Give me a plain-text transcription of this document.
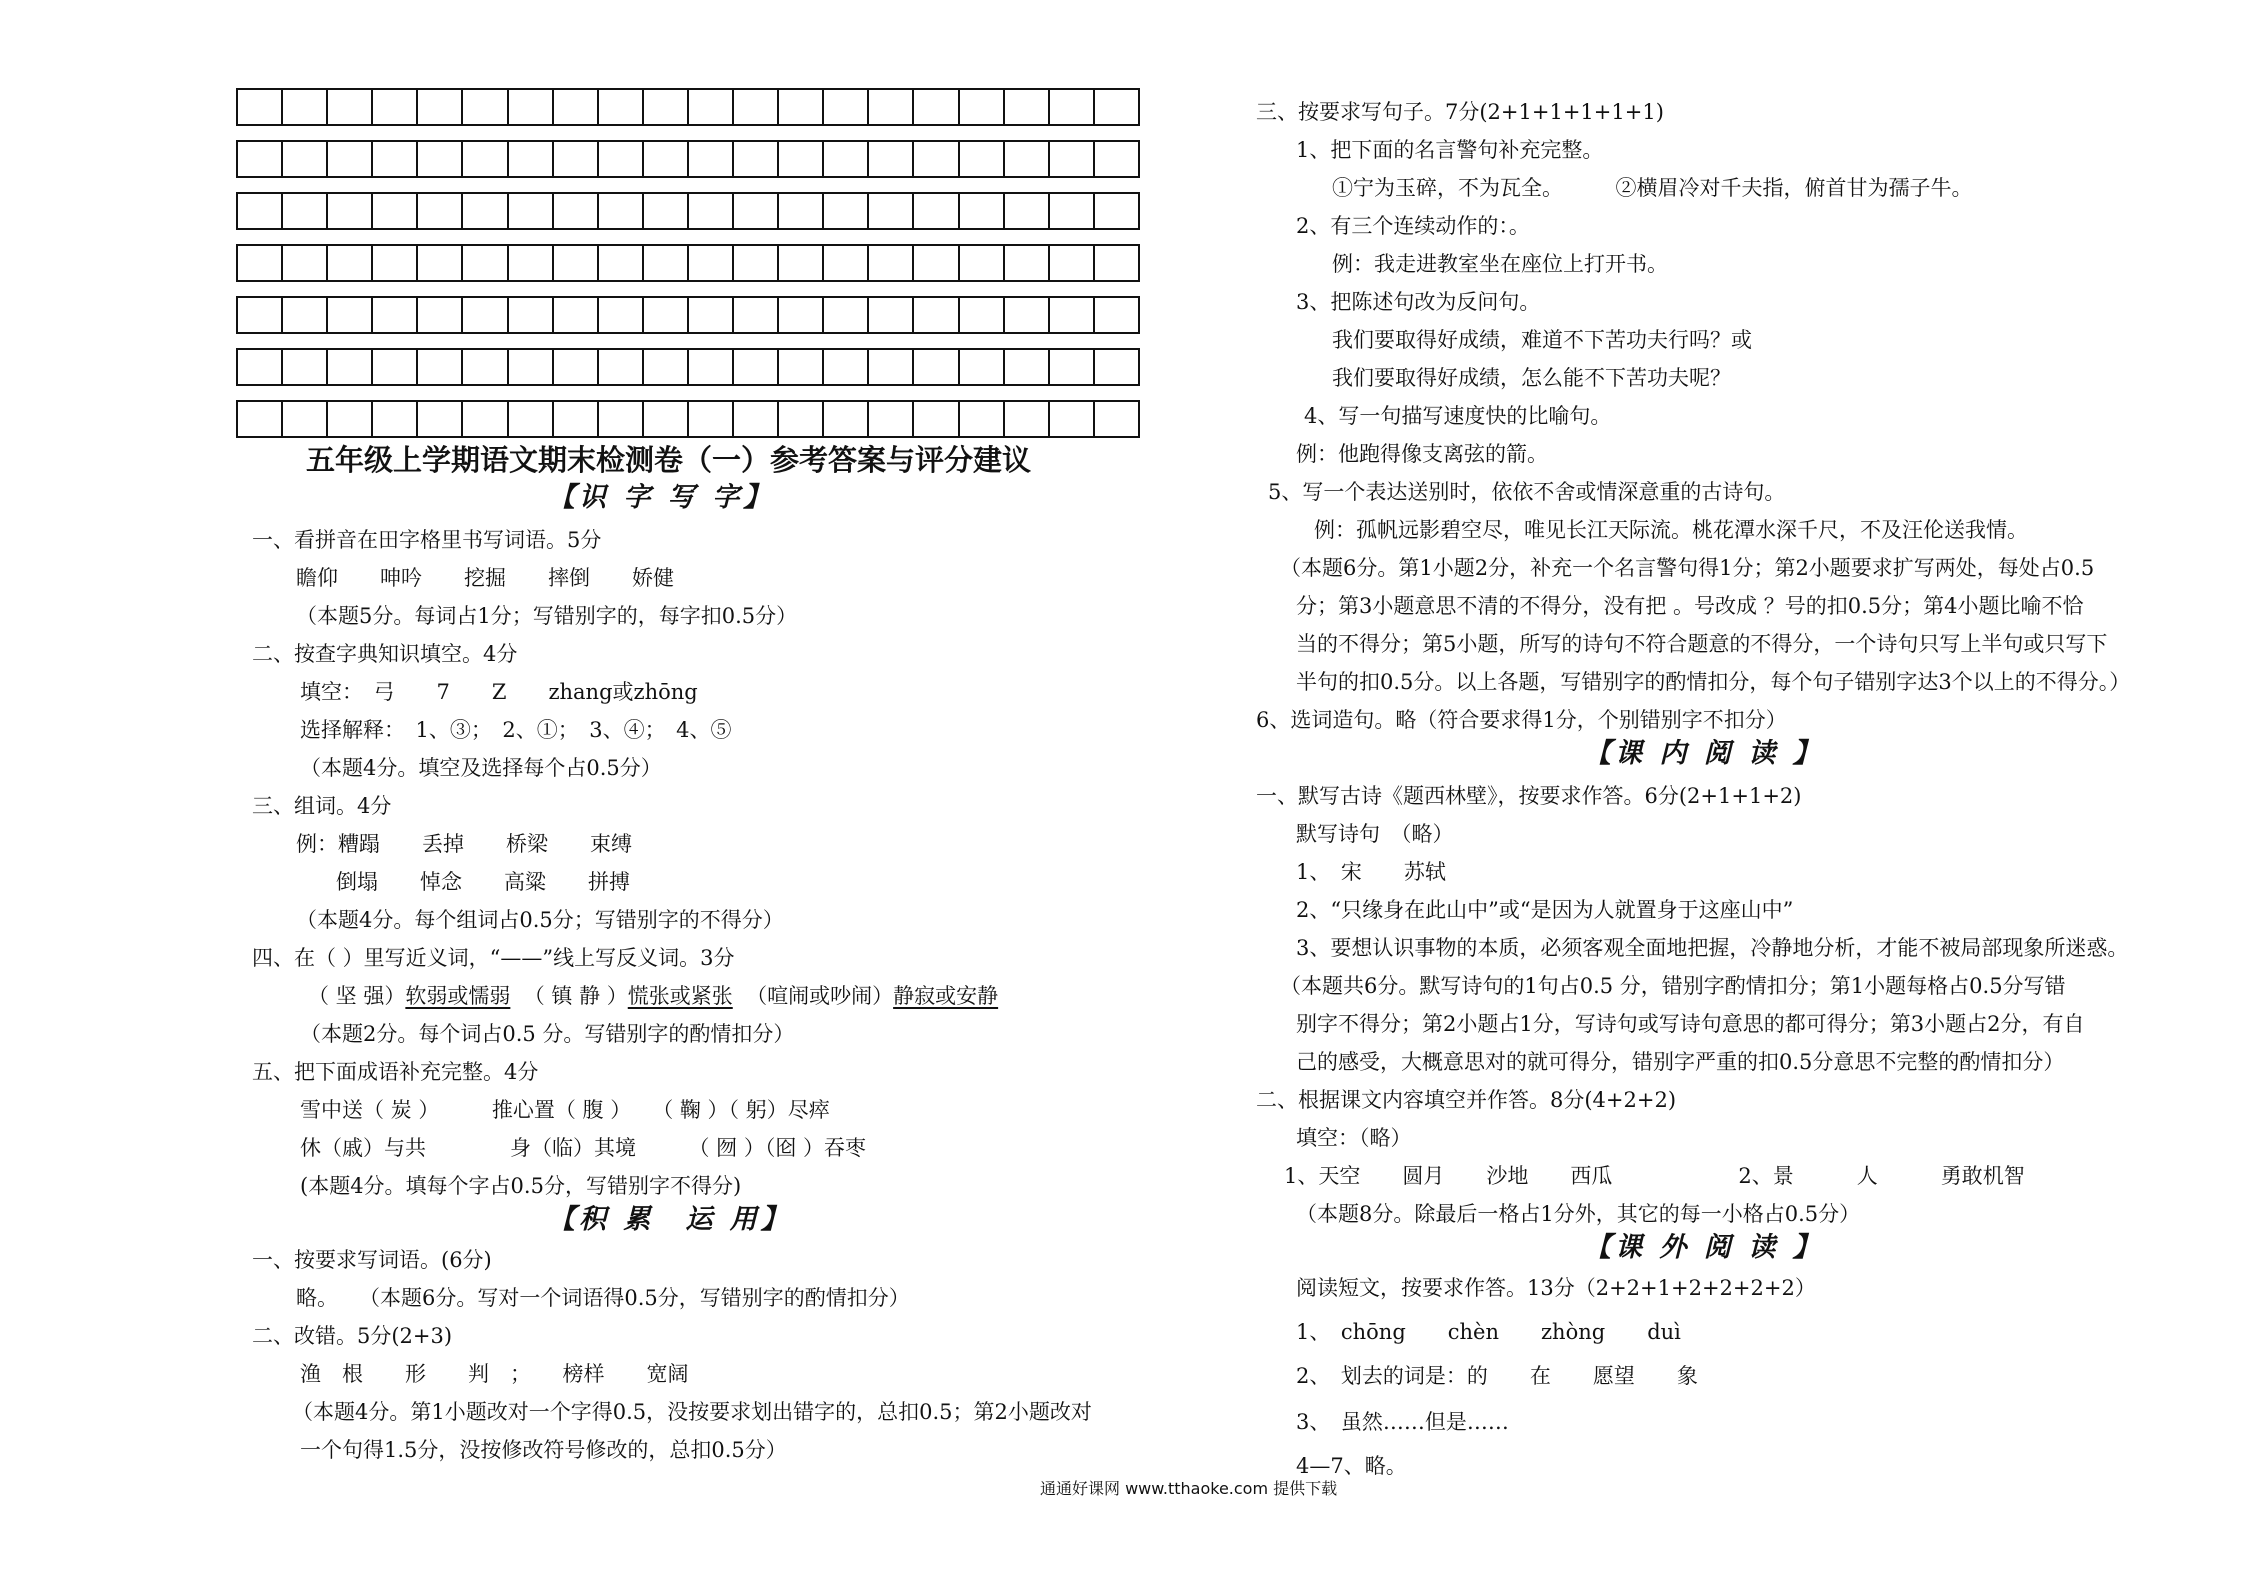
五年级上学期语文期末检测卷（一）参考答案与评分建议
【识 字 写 字】
一、看拼音在田字格里书写词语。5分
瞻仰　　呻吟　　挖掘　　摔倒　　娇健
（本题5分。每词占1分；写错别字的，每字扣0.5分）
二、按查字典知识填空。4分
填空：　弓　　7　　Z　　zhang或zhōng
选择解释：　1、③；　2、①；　3、④；　4、⑤
（本题4分。填空及选择每个占0.5分）
三、组词。4分
例：糟蹋　　丢掉　　桥梁　　束缚
倒塌　　悼念　　高粱　　拼搏
（本题4分。每个组词占0.5分；写错别字的不得分）
四、在（ ）里写近义词，“——”线上写反义词。3分
（ 坚 强）软弱或懦弱 （ 镇 静 ）慌张或紧张 （喧闹或吵闹）静寂或安静
（本题2分。每个词占0.5 分。写错别字的酌情扣分）
五、把下面成语补充完整。4分
雪中送（ 炭 ）　　　推心置（ 腹 ）　　（ 鞠 ）（ 躬）尽瘁
休（戚）与共　　　　身（临）其境　　　（ 囫 ）（囵 ）吞枣
(本题4分。填每个字占0.5分，写错别字不得分)
【积 累　运 用】
一、按要求写词语。(6分)
略。　　（本题6分。写对一个词语得0.5分，写错别字的酌情扣分）
二、改错。5分(2+3)
渔　根　　形　　判　；　　榜样　　宽阔
（本题4分。第1小题改对一个字得0.5，没按要求划出错字的，总扣0.5；第2小题改对
一个句得1.5分，没按修改符号修改的，总扣0.5分）
三、按要求写句子。7分(2+1+1+1+1+1)
1、把下面的名言警句补充完整。
①宁为玉碎，不为瓦全。　　　②横眉冷对千夫指，俯首甘为孺子牛。
2、有三个连续动作的：。
例：我走进教室坐在座位上打开书。
3、把陈述句改为反问句。
我们要取得好成绩，难道不下苦功夫行吗？或
我们要取得好成绩，怎么能不下苦功夫呢？
4、写一句描写速度快的比喻句。
例：他跑得像支离弦的箭。
5、写一个表达送别时，依依不舍或情深意重的古诗句。
例：孤帆远影碧空尽，唯见长江天际流。桃花潭水深千尺，不及汪伦送我情。
（本题6分。第1小题2分，补充一个名言警句得1分；第2小题要求扩写两处，每处占0.5
分；第3小题意思不清的不得分，没有把 。号改成 ？号的扣0.5分；第4小题比喻不恰
当的不得分；第5小题，所写的诗句不符合题意的不得分，一个诗句只写上半句或只写下
半句的扣0.5分。以上各题，写错别字的酌情扣分，每个句子错别字达3个以上的不得分。）
6、选词造句。略（符合要求得1分，个别错别字不扣分）
【课 内 阅 读 】
一、默写古诗《题西林壁》，按要求作答。6分(2+1+1+2)
默写诗句　（略）
1、　宋　　苏轼
2、“只缘身在此山中”或“是因为人就置身于这座山中”
3、要想认识事物的本质，必须客观全面地把握，冷静地分析，才能不被局部现象所迷惑。
（本题共6分。默写诗句的1句占0.5 分，错别字酌情扣分；第1小题每格占0.5分写错
别字不得分；第2小题占1分，写诗句或写诗句意思的都可得分；第3小题占2分，有自
己的感受，大概意思对的就可得分，错别字严重的扣0.5分意思不完整的酌情扣分）
二、根据课文内容填空并作答。8分(4+2+2)
填空：（略）
1、天空　　圆月　　沙地　　西瓜　　　　　　2、景　　　人　　　勇敢机智
（本题8分。除最后一格占1分外，其它的每一小格占0.5分）
【课 外 阅 读 】
阅读短文，按要求作答。13分（2+2+1+2+2+2+2）
1、　chōng　　chèn　　zhòng　　duì
2、　划去的词是：的　　在　　愿望　　象
3、　虽然……但是……
4—7、略。
通通好课网 www.tthaoke.com 提供下载
